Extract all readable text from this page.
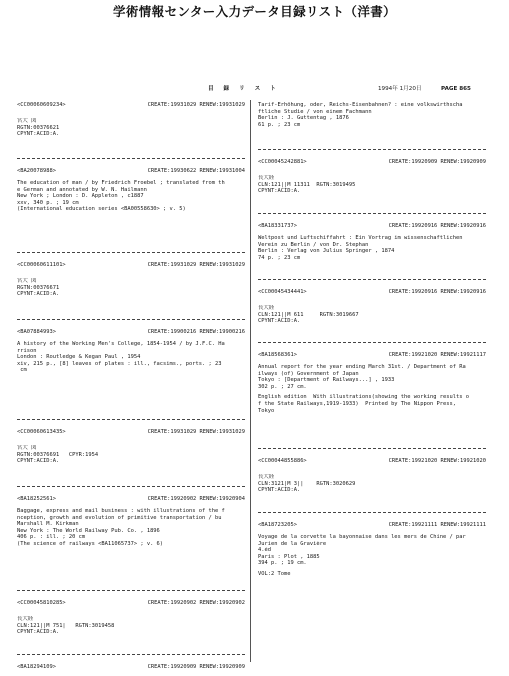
学術情報センター入力データ目録リスト（洋書）
目 録 リ ス ト	1994年 1月20日	PAGE 865
<CC00060609234>	CREATE:19931029 RENEW:19931029
宮大 図
RGTN:00376621
CPYNT:ACID:A.
<BA20078988>	CREATE:19930622 RENEW:19931004
The education of man / by Friedrich Froebel ; translated from th
e German and annotated by W. N. Hailmann
New York ; London : D. Appleton , c1887
xxv, 340 p. ; 19 cm
(International education series <BA00558630> ; v. 5)
<CC00060611101>	CREATE:19931029 RENEW:19931029
宮大 図
RGTN:00376671
CPYNT:ACID:A.
<BA07884993>	CREATE:19900216 RENEW:19900216
A history of the Working Men's College, 1854-1954 / by J.F.C. Ha
rrison
London : Routledge & Kegan Paul , 1954
xiv, 215 p., [8] leaves of plates : ill., facsims., ports. ; 23
cm
<CC00060613435>	CREATE:19931029 RENEW:19931029
宮大 図
RGTN:00376691   CPYR:1954
CPYNT:ACID:A.
<BA18252561>	CREATE:19920902 RENEW:19920904
Baggage, express and mail business : with illustrations of the f
nception, growth and evolution of primitive transportation / bu
Marshall M. Kirkman
New York : The World Railway Pub. Co. , 1896
406 p. : ill. ; 20 cm
(The science of railways <BA11065737> ; v. 6)
<CC00045810285>	CREATE:19920902 RENEW:19920902
長大経
CLN:121||M 751|   RGTN:3019458
CPYNT:ACID:A.
<BA18294109>	CREATE:19920909 RENEW:19920909
Tarif-Erhöhung, oder, Reichs-Eisenbahnen? : eine volkswirthscha
ftliche Studie / von einem Fachmann
Berlin : J. Guttentag , 1876
61 p. ; 23 cm
<CC00045242881>	CREATE:19920909 RENEW:19920909
長大経
CLN:121||M 11311  RGTN:3019495
CPYNT:ACID:A.
<BA18331737>	CREATE:19920916 RENEW:19920916
Weltpost und Luftschiffahrt : Ein Vortrag im wissenschaftlichen
Verein zu Berlin / von Dr. Stephan
Berlin : Verlag von Julius Springer , 1874
74 p. ; 23 cm
<CC00045434441>	CREATE:19920916 RENEW:19920916
長大経
CLN:121||M 611     RGTN:3019667
CPYNT:ACID:A.
<BA18568361>	CREATE:19921020 RENEW:19921117
Annual report for the year ending March 31st. / Department of Ra
ilways (of) Government of Japan
Tokyo : [Department of Railways...] , 1933
302 p. ; 27 cm.
English edition  With illustrations(showing the working results o
f the State Railways,1919-1933)  Printed by The Nippon Press,
Tokyo
<CC00044855886>	CREATE:19921020 RENEW:19921020
長大経
CLN:3121|M 3||    RGTN:3020629
CPYNT:ACID:A.
<BA18723205>	CREATE:19921111 RENEW:19921111
Voyage de la corvette la bayonnaise dans les mers de Chine / par
Jurien de la Gravière
4.éd
Paris : Plot , 1885
394 p. ; 19 cm.
VOL:2 Tome
